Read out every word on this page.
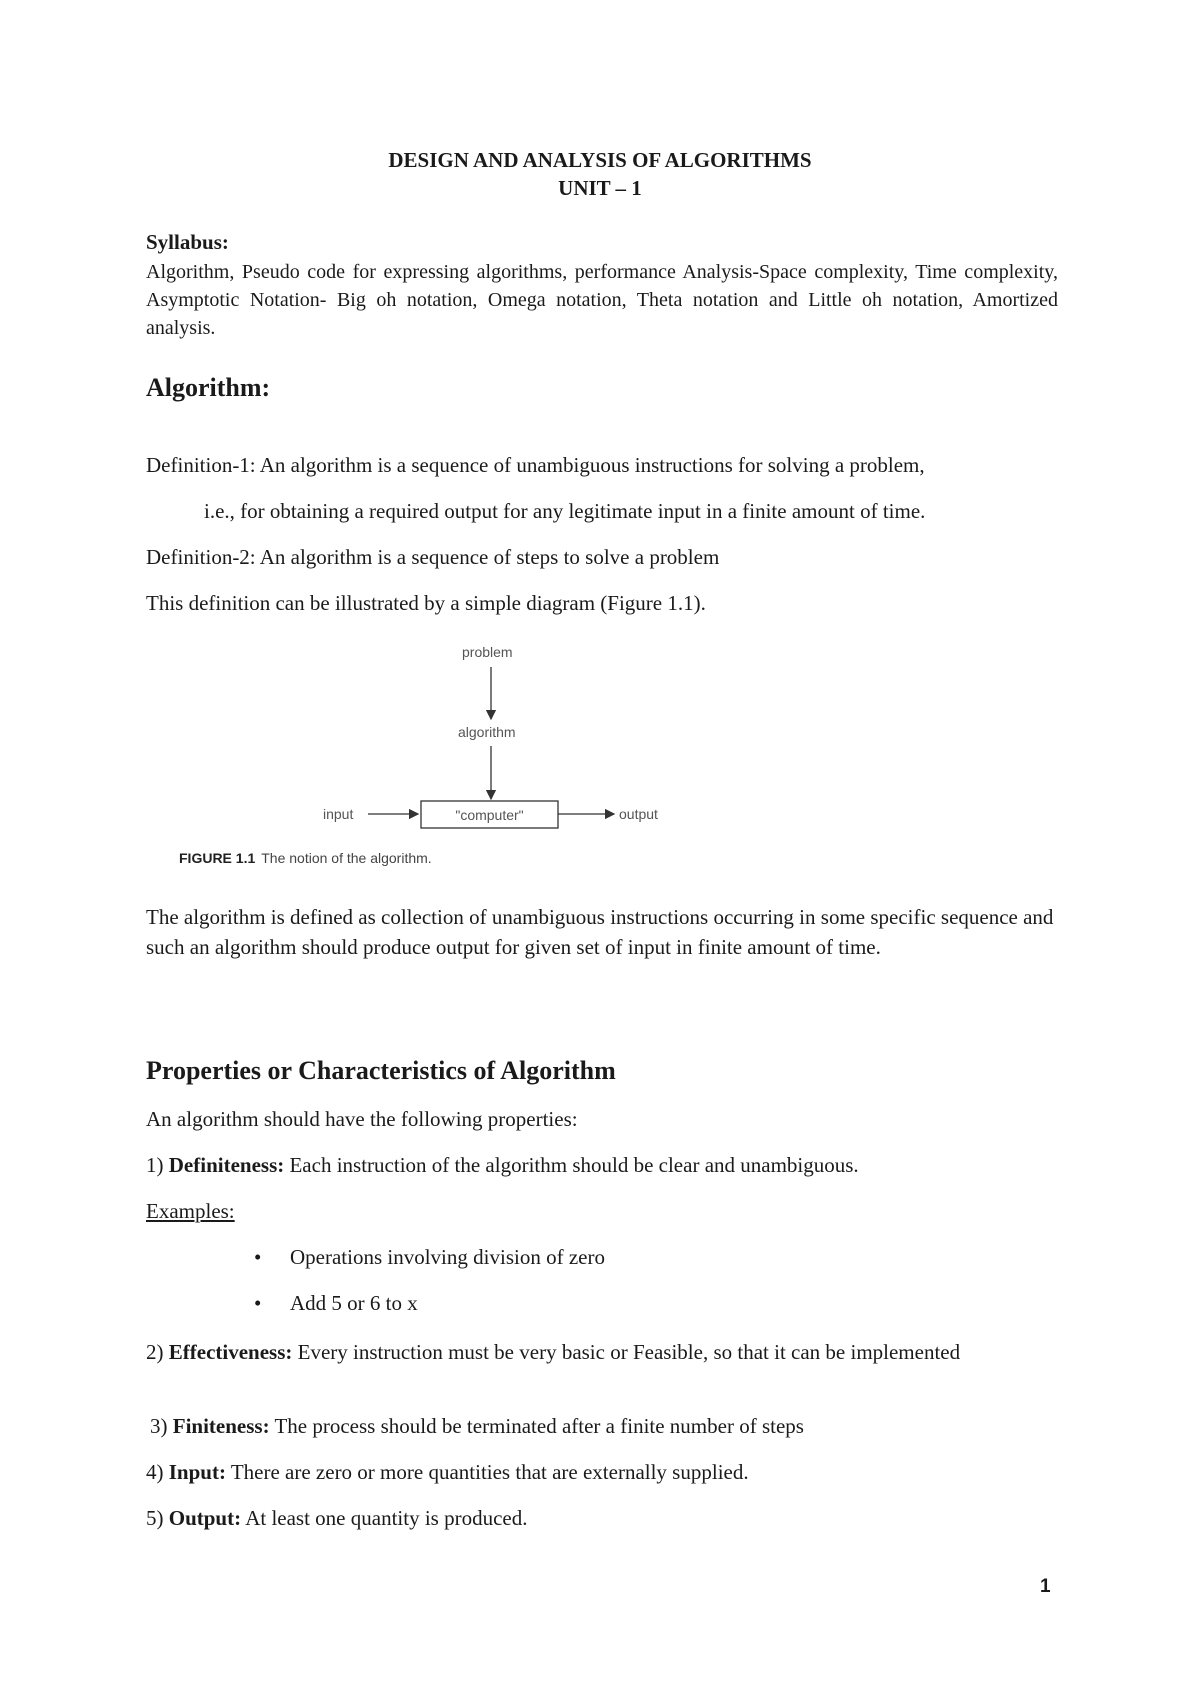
DESIGN AND ANALYSIS OF ALGORITHMS
UNIT – 1
Syllabus:
Algorithm, Pseudo code for expressing algorithms, performance Analysis-Space complexity, Time complexity, Asymptotic Notation- Big oh notation, Omega notation, Theta notation and Little oh notation, Amortized analysis.
Algorithm:
Definition-1: An algorithm is a sequence of unambiguous instructions for solving a problem,
i.e., for obtaining a required output for any legitimate input in a finite amount of time.
Definition-2: An algorithm is a sequence of steps to solve a problem
This definition can be illustrated by a simple diagram (Figure 1.1).
problem
algorithm
input	"computer"	output
FIGURE 1.1 The notion of the algorithm.
The algorithm is defined as collection of unambiguous instructions occurring in some specific sequence and such an algorithm should produce output for given set of input in finite amount of time.
Properties or Characteristics of Algorithm
An algorithm should have the following properties:
1) Definiteness: Each instruction of the algorithm should be clear and unambiguous.
Examples:
• Operations involving division of zero
• Add 5 or 6 to x
2) Effectiveness: Every instruction must be very basic or Feasible, so that it can be implemented
3) Finiteness: The process should be terminated after a finite number of steps
4) Input: There are zero or more quantities that are externally supplied.
5) Output: At least one quantity is produced.
1
